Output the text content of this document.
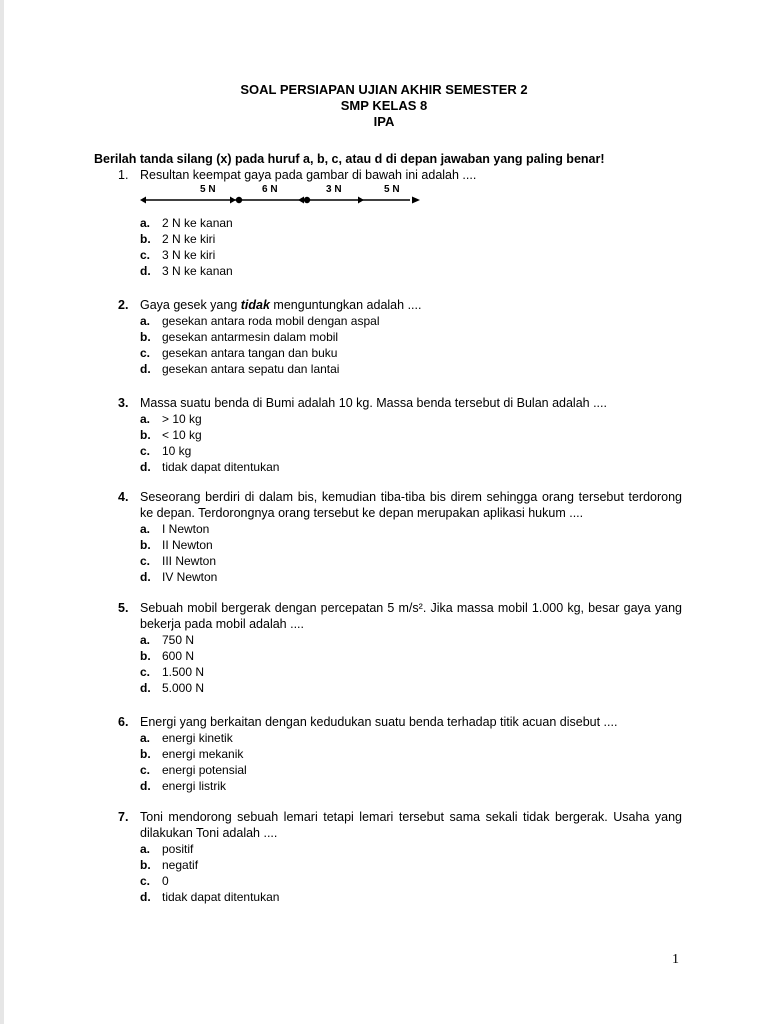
SOAL PERSIAPAN UJIAN AKHIR SEMESTER 2
SMP KELAS 8
IPA
Berilah tanda silang (x) pada huruf a, b, c, atau d di depan jawaban yang paling benar!
1. Resultan keempat gaya pada gambar di bawah ini adalah ....
5 N	6 N	3 N	5 N
a. 2 N ke kanan
b. 2 N ke kiri
c. 3 N ke kiri
d. 3 N ke kanan
2. Gaya gesek yang tidak menguntungkan adalah ....
a. gesekan antara roda mobil dengan aspal
b. gesekan antarmesin dalam mobil
c. gesekan antara tangan dan buku
d. gesekan antara sepatu dan lantai
3. Massa suatu benda di Bumi adalah 10 kg. Massa benda tersebut di Bulan adalah ....
a. > 10 kg
b. < 10 kg
c. 10 kg
d. tidak dapat ditentukan
4. Seseorang berdiri di dalam bis, kemudian tiba-tiba bis direm sehingga orang tersebut terdorong ke depan. Terdorongnya orang tersebut ke depan merupakan aplikasi hukum ....
a. I Newton
b. II Newton
c. III Newton
d. IV Newton
5. Sebuah mobil bergerak dengan percepatan 5 m/s². Jika massa mobil 1.000 kg, besar gaya yang bekerja pada mobil adalah ....
a. 750 N
b. 600 N
c. 1.500 N
d. 5.000 N
6. Energi yang berkaitan dengan kedudukan suatu benda terhadap titik acuan disebut ....
a. energi kinetik
b. energi mekanik
c. energi potensial
d. energi listrik
7. Toni mendorong sebuah lemari tetapi lemari tersebut sama sekali tidak bergerak. Usaha yang dilakukan Toni adalah ....
a. positif
b. negatif
c. 0
d. tidak dapat ditentukan
1
